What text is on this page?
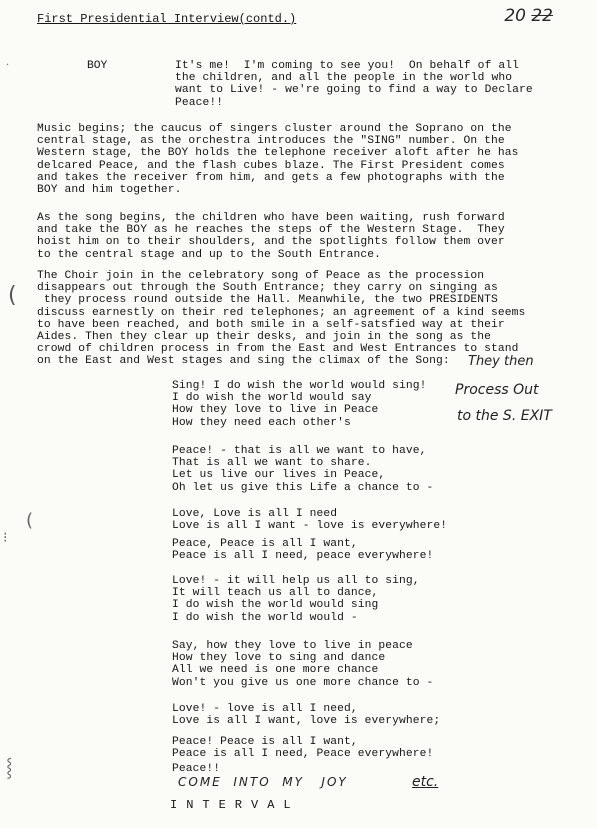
First Presidential Interview(contd.)	20 22
BOY	It's me!  I'm coming to see you!  On behalf of all
the children, and all the people in the world who
want to Live! - we're going to find a way to Declare
Peace!!
Music begins; the caucus of singers cluster around the Soprano on the
central stage, as the orchestra introduces the "SING" number. On the
Western stage, the BOY holds the telephone receiver aloft after he has
delcared Peace, and the flash cubes blaze. The First President comes
and takes the receiver from him, and gets a few photographs with the
BOY and him together.
As the song begins, the children who have been waiting, rush forward
and take the BOY as he reaches the steps of the Western Stage.  They
hoist him on to their shoulders, and the spotlights follow them over
to the central stage and up to the South Entrance.
The Choir join in the celebratory song of Peace as the procession
disappears out through the South Entrance; they carry on singing as
they process round outside the Hall. Meanwhile, the two PRESIDENTS
discuss earnestly on their red telephones; an agreement of a kind seems
to have been reached, and both smile in a self-satsfied way at their
Aides. Then they clear up their desks, and join in the song as the
crowd of children process in from the East and West Entrances to stand
on the East and West stages and sing the climax of the Song:	They then
Process Out
to the S. EXIT
Sing! I do wish the world would sing!
I do wish the world would say
How they love to live in Peace
How they need each other's
Peace! - that is all we want to have,
That is all we want to share.
Let us live our lives in Peace,
Oh let us give this Life a chance to -
Love, Love is all I need
Love is all I want - love is everywhere!
Peace, Peace is all I want,
Peace is all I need, peace everywhere!
Love! - it will help us all to sing,
It will teach us all to dance,
I do wish the world would sing
I do wish the world would -
Say, how they love to live in peace
How they love to sing and dance
All we need is one more chance
Won't you give us one more chance to -
Love! - love is all I need,
Love is all I want, love is everywhere;
Peace! Peace is all I want,
Peace is all I need, Peace everywhere!
Peace!!
COME  INTO  MY   JOY	etc.
INTERVAL
·
(
(
⁝
⸾
